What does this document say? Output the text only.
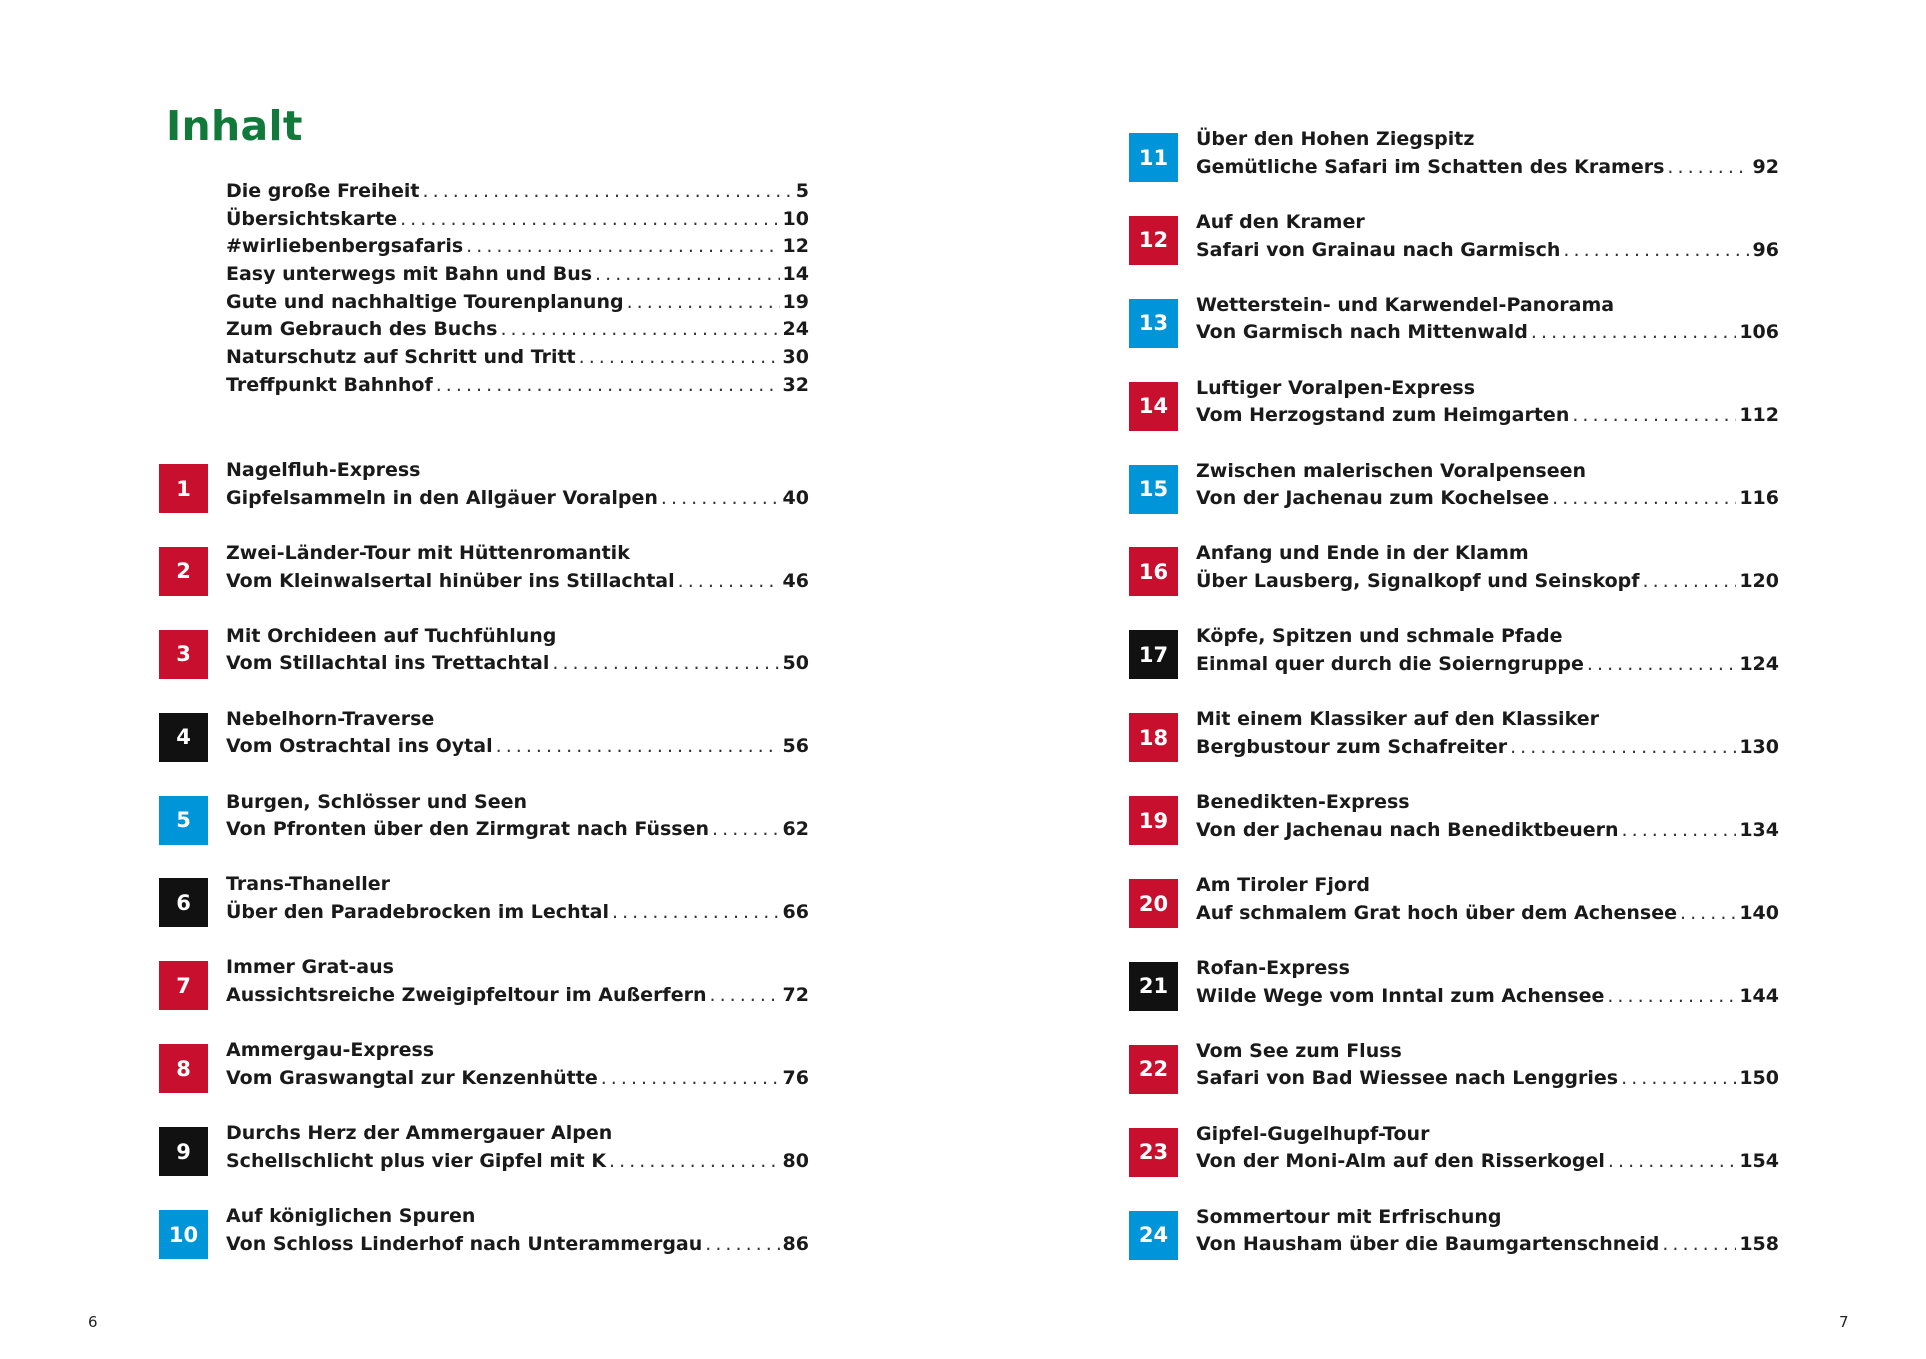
Inhalt
Die große Freiheit . . .	5
Übersichtskarte . . .	10
#wirliebenbergsafaris . . .	12
Easy unterwegs mit Bahn und Bus . . .	14
Gute und nachhaltige Tourenplanung . . .	19
Zum Gebrauch des Buchs . . .	24
Naturschutz auf Schritt und Tritt . . .	30
Treffpunkt Bahnhof . . .	32
1
Nagelfluh-Express
Gipfelsammeln in den Allgäuer Voralpen . . .	40
2
Zwei-Länder-Tour mit Hüttenromantik
Vom Kleinwalsertal hinüber ins Stillachtal . . .	46
3
Mit Orchideen auf Tuchfühlung
Vom Stillachtal ins Trettachtal . . .	50
4
Nebelhorn-Traverse
Vom Ostrachtal ins Oytal . . .	56
5
Burgen, Schlösser und Seen
Von Pfronten über den Zirmgrat nach Füssen . . .	62
6
Trans-Thaneller
Über den Paradebrocken im Lechtal . . .	66
7
Immer Grat-aus
Aussichtsreiche Zweigipfeltour im Außerfern . . .	72
8
Ammergau-Express
Vom Graswangtal zur Kenzenhütte . . .	76
9
Durchs Herz der Ammergauer Alpen
Schellschlicht plus vier Gipfel mit K . . .	80
10
Auf königlichen Spuren
Von Schloss Linderhof nach Unterammergau . . .	86
11
Über den Hohen Ziegspitz
Gemütliche Safari im Schatten des Kramers . . .	92
12
Auf den Kramer
Safari von Grainau nach Garmisch . . .	96
13
Wetterstein- und Karwendel-Panorama
Von Garmisch nach Mittenwald . . .	106
14
Luftiger Voralpen-Express
Vom Herzogstand zum Heimgarten . . .	112
15
Zwischen malerischen Voralpenseen
Von der Jachenau zum Kochelsee . . .	116
16
Anfang und Ende in der Klamm
Über Lausberg, Signalkopf und Seinskopf . . .	120
17
Köpfe, Spitzen und schmale Pfade
Einmal quer durch die Soierngruppe . . .	124
18
Mit einem Klassiker auf den Klassiker
Bergbustour zum Schafreiter . . .	130
19
Benedikten-Express
Von der Jachenau nach Benediktbeuern . . .	134
20
Am Tiroler Fjord
Auf schmalem Grat hoch über dem Achensee . . .	140
21
Rofan-Express
Wilde Wege vom Inntal zum Achensee . . .	144
22
Vom See zum Fluss
Safari von Bad Wiessee nach Lenggries . . .	150
23
Gipfel-Gugelhupf-Tour
Von der Moni-Alm auf den Risserkogel . . .	154
24
Sommertour mit Erfrischung
Von Hausham über die Baumgartenschneid . . .	158
6	7
